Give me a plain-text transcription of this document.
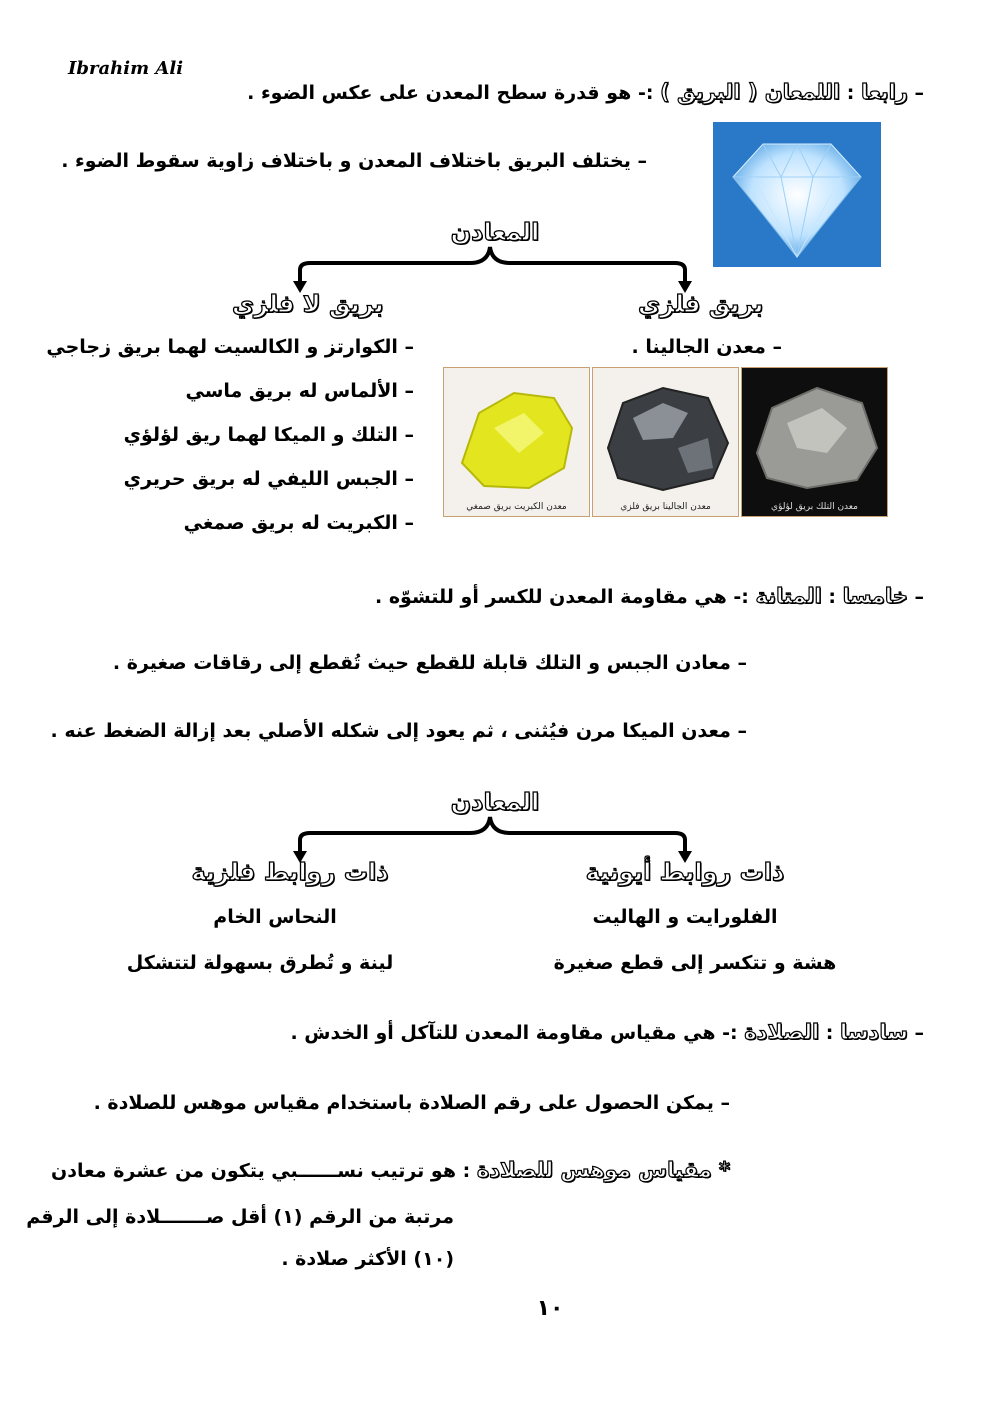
Ibrahim Ali
– رابعا : اللمعان ( البريق ) :- هو قدرة سطح المعدن على عكس الضوء .
– يختلف البريق باختلاف المعدن و باختلاف زاوية سقوط الضوء .
المعادن
بريق فلزي
بريق لا فلزي
– معدن الجالينا .
– الكوارتز و الكالسيت لهما بريق زجاجي
– الألماس له بريق ماسي
– التلك و الميكا لهما ريق لؤلؤي
– الجبس الليفي له بريق حريري
– الكبريت له بريق صمغي
معدن الكبريت بريق صمغي	معدن الجالينا بريق فلزي	معدن التلك بريق لؤلؤي
– خامسا : المتانة :- هي مقاومة المعدن للكسر أو للتشوّه .
– معادن الجبس و التلك قابلة للقطع حيث تُقطع إلى رقاقات صغيرة .
– معدن الميكا مرن فيُثنى ، ثم يعود إلى شكله الأصلي بعد إزالة الضغط عنه .
المعادن
ذات روابط أيونية
ذات روابط فلزية
الفلورايت و الهاليت
هشة و تتكسر إلى قطع صغيرة
النحاس الخام
لينة و تُطرق بسهولة لتتشكل
– سادسا : الصلادة :- هي مقياس مقاومة المعدن للتآكل أو الخدش .
– يمكن الحصول على رقم الصلادة باستخدام مقياس موهس للصلادة .
* مقياس موهس للصلادة : هو ترتيب نســــــبي يتكون من عشرة معادن
مرتبة من الرقم (١) أقل صـــــــلادة إلى الرقم
(١٠) الأكثر صلادة .
١٠
